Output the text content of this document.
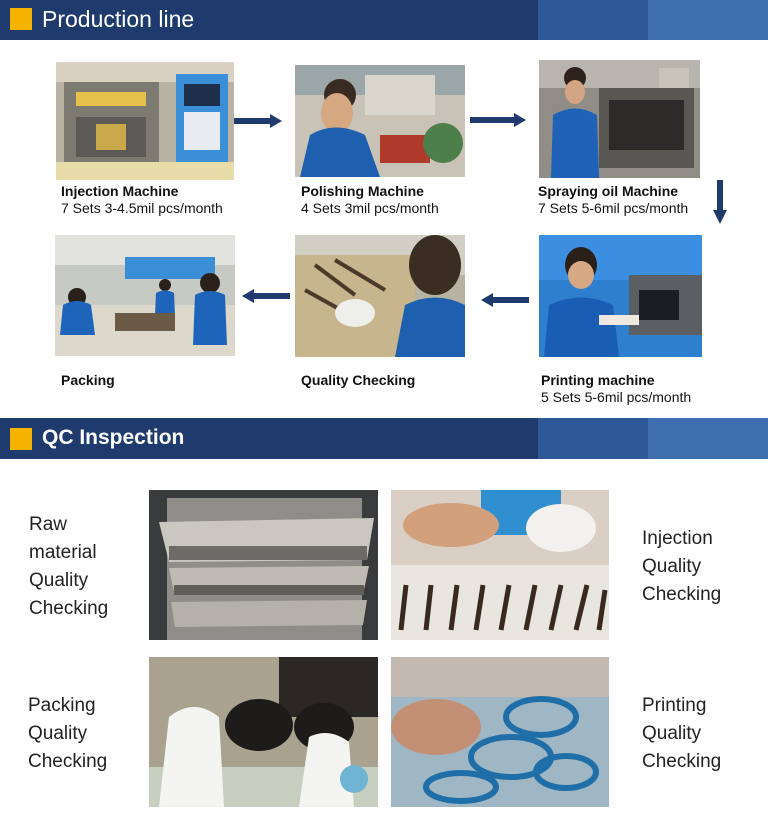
Production line
Injection Machine
7 Sets 3-4.5mil pcs/month
Polishing Machine
4 Sets 3mil pcs/month
Spraying oil Machine
7 Sets 5-6mil pcs/month
Packing	Quality Checking	Printing machine
5 Sets 5-6mil pcs/month
QC Inspection
Raw
material
Quality
Checking
Injection
Quality
Checking
Packing
Quality
Checking
Printing
Quality
Checking
